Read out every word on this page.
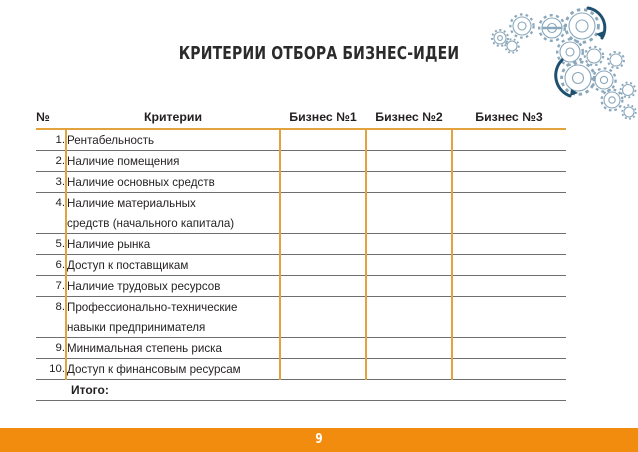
КРИТЕРИИ ОТБОРА БИЗНЕС-ИДЕИ
№	Критерии	Бизнес №1	Бизнес №2	Бизнес №3
1.	Рентабельность			
2.	Наличие помещения			
3.	Наличие основных средств			
4.	Наличие материальных			
	средств (начального капитала)			
5.	Наличие рынка			
6.	Доступ к поставщикам			
7.	Наличие трудовых ресурсов			
8.	Профессионально-технические			
	навыки предпринимателя			
9.	Минимальная степень риска			
10.	Доступ к финансовым ресурсам			
	Итого:			
9
